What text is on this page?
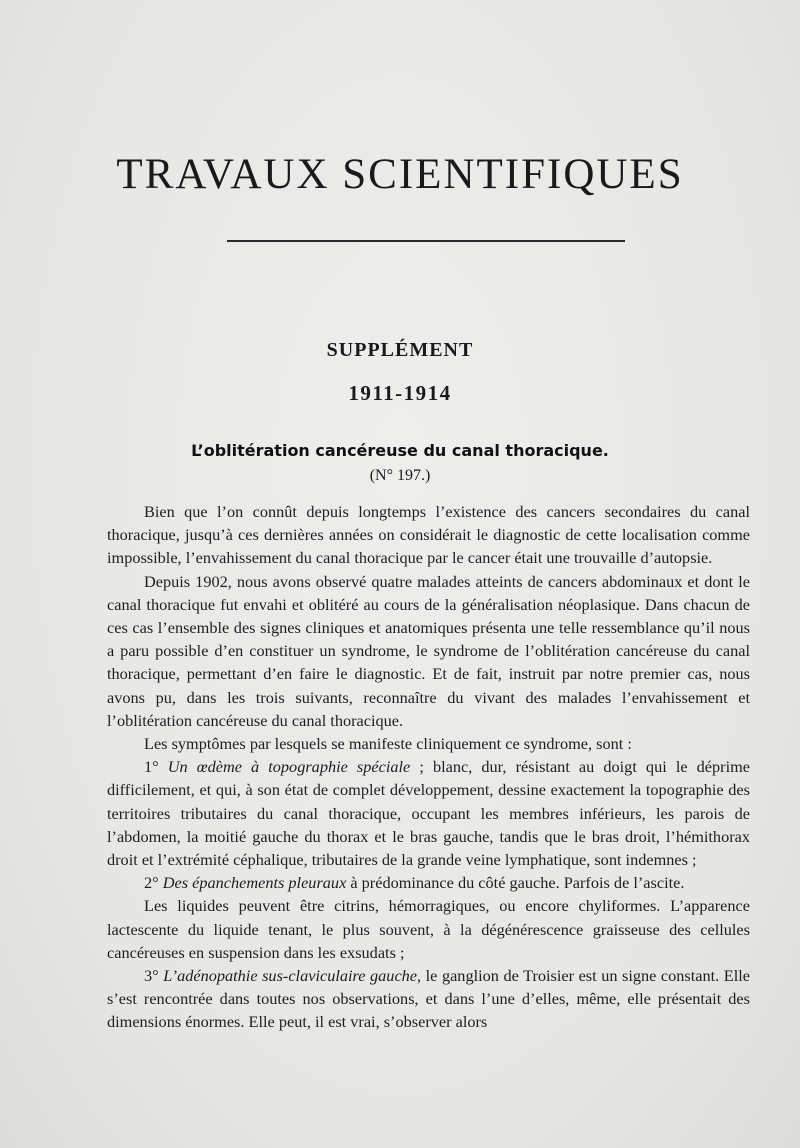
TRAVAUX SCIENTIFIQUES
SUPPLÉMENT
1911-1914
L’oblitération cancéreuse du canal thoracique.
(N° 197.)

Bien que l’on connût depuis longtemps l’existence des cancers secondaires du canal thoracique, jusqu’à ces dernières années on considérait le diagnostic de cette localisation comme impossible, l’envahissement du canal thoracique par le cancer était une trouvaille d’autopsie.

Depuis 1902, nous avons observé quatre malades atteints de cancers abdominaux et dont le canal thoracique fut envahi et oblitéré au cours de la généralisation néoplasique. Dans chacun de ces cas l’ensemble des signes cliniques et anatomiques présenta une telle ressemblance qu’il nous a paru possible d’en constituer un syndrome, le syndrome de l’oblitération cancéreuse du canal thoracique, permettant d’en faire le diagnostic. Et de fait, instruit par notre premier cas, nous avons pu, dans les trois suivants, reconnaître du vivant des malades l’envahissement et l’oblitération cancéreuse du canal thoracique.

Les symptômes par lesquels se manifeste cliniquement ce syndrome, sont :

1° Un œdème à topographie spéciale ; blanc, dur, résistant au doigt qui le déprime difficilement, et qui, à son état de complet développement, dessine exactement la topographie des territoires tributaires du canal thoracique, occupant les membres inférieurs, les parois de l’abdomen, la moitié gauche du thorax et le bras gauche, tandis que le bras droit, l’hémithorax droit et l’extrémité céphalique, tributaires de la grande veine lymphatique, sont indemnes ;

2° Des épanchements pleuraux à prédominance du côté gauche. Parfois de l’ascite.

Les liquides peuvent être citrins, hémorragiques, ou encore chyliformes. L’apparence lactescente du liquide tenant, le plus souvent, à la dégénérescence graisseuse des cellules cancéreuses en suspension dans les exsudats ;

3° L’adénopathie sus-claviculaire gauche, le ganglion de Troisier est un signe constant. Elle s’est rencontrée dans toutes nos observations, et dans l’une d’elles, même, elle présentait des dimensions énormes. Elle peut, il est vrai, s’observer alors
